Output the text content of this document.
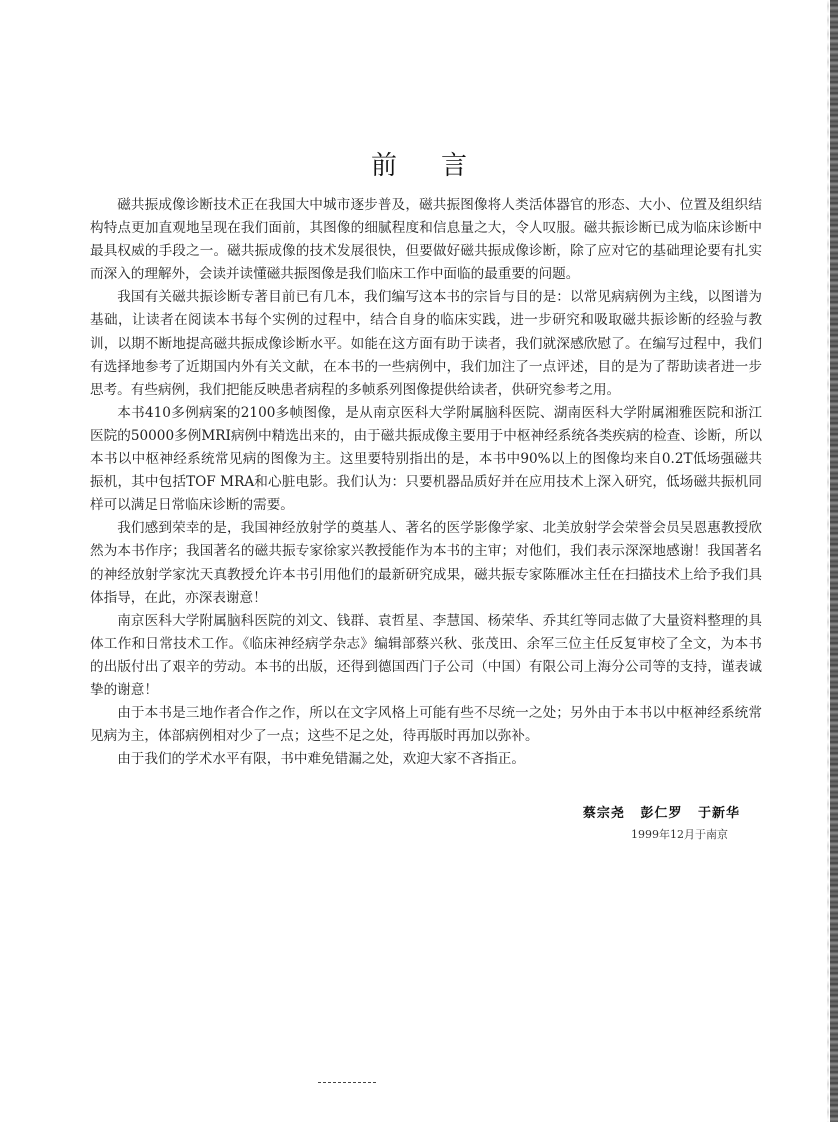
前言

磁共振成像诊断技术正在我国大中城市逐步普及，磁共振图像将人类活体器官的形态、大小、位置及组织结构特点更加直观地呈现在我们面前，其图像的细腻程度和信息量之大，令人叹服。磁共振诊断已成为临床诊断中最具权威的手段之一。磁共振成像的技术发展很快，但要做好磁共振成像诊断，除了应对它的基础理论要有扎实而深入的理解外，会读并读懂磁共振图像是我们临床工作中面临的最重要的问题。

我国有关磁共振诊断专著目前已有几本，我们编写这本书的宗旨与目的是：以常见病病例为主线，以图谱为基础，让读者在阅读本书每个实例的过程中，结合自身的临床实践，进一步研究和吸取磁共振诊断的经验与教训，以期不断地提高磁共振成像诊断水平。如能在这方面有助于读者，我们就深感欣慰了。在编写过程中，我们有选择地参考了近期国内外有关文献，在本书的一些病例中，我们加注了一点评述，目的是为了帮助读者进一步思考。有些病例，我们把能反映患者病程的多帧系列图像提供给读者，供研究参考之用。

本书410多例病案的2100多帧图像，是从南京医科大学附属脑科医院、湖南医科大学附属湘雅医院和浙江医院的50000多例MRI病例中精选出来的，由于磁共振成像主要用于中枢神经系统各类疾病的检查、诊断，所以本书以中枢神经系统常见病的图像为主。这里要特别指出的是，本书中90%以上的图像均来自0.2T低场强磁共振机，其中包括TOF MRA和心脏电影。我们认为：只要机器品质好并在应用技术上深入研究，低场磁共振机同样可以满足日常临床诊断的需要。

我们感到荣幸的是，我国神经放射学的奠基人、著名的医学影像学家、北美放射学会荣誉会员吴恩惠教授欣然为本书作序；我国著名的磁共振专家徐家兴教授能作为本书的主审；对他们，我们表示深深地感谢！我国著名的神经放射学家沈天真教授允许本书引用他们的最新研究成果，磁共振专家陈雁冰主任在扫描技术上给予我们具体指导，在此，亦深表谢意！

南京医科大学附属脑科医院的刘文、钱群、袁哲星、李慧国、杨荣华、乔其红等同志做了大量资料整理的具体工作和日常技术工作。《临床神经病学杂志》编辑部蔡兴秋、张茂田、余军三位主任反复审校了全文，为本书的出版付出了艰辛的劳动。本书的出版，还得到德国西门子公司（中国）有限公司上海分公司等的支持，谨表诚挚的谢意！

由于本书是三地作者合作之作，所以在文字风格上可能有些不尽统一之处；另外由于本书以中枢神经系统常见病为主，体部病例相对少了一点；这些不足之处，待再版时再加以弥补。

由于我们的学术水平有限，书中难免错漏之处，欢迎大家不吝指正。

蔡宗尧 彭仁罗 于新华
1999年12月于南京
